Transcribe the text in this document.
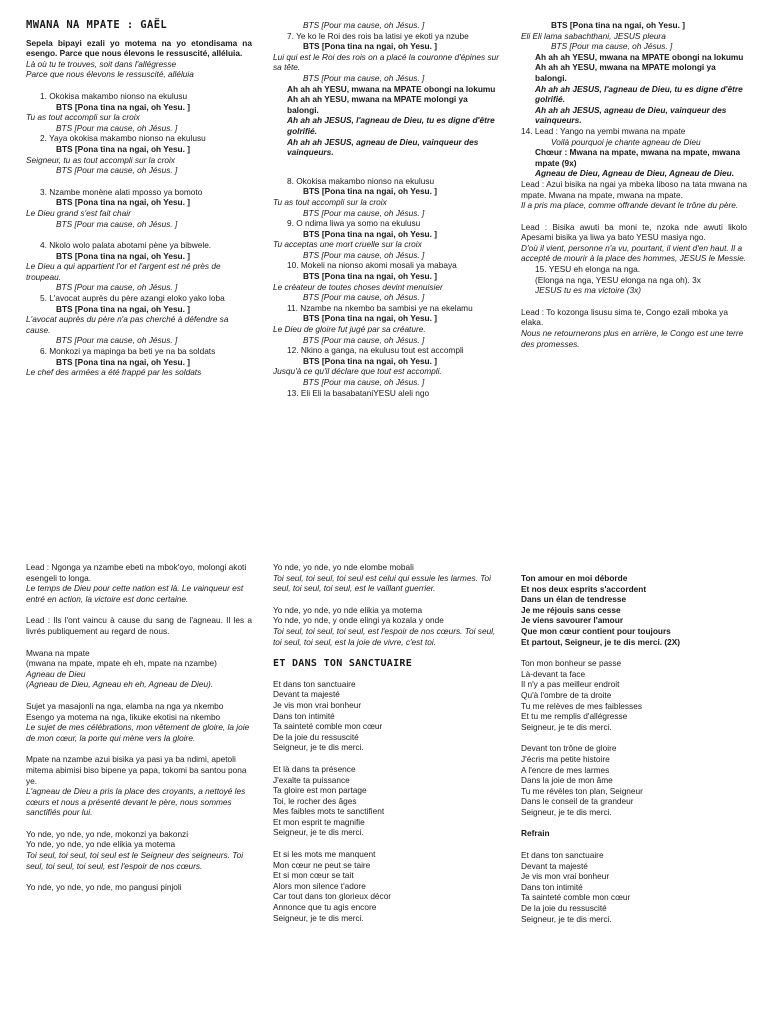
MWANA NA MPATE : GAËL

Sepela bipayi ezali yo motema na yo etondisama na esengo. Parce que nous élevons le ressuscité, alléluia.

Là où tu te trouves, soit dans l'allégresse

Parce que nous élevons le ressuscité, alléluia

1. Okokisa makambo nionso na ekulusu

BTS [Pona tina na ngai, oh Yesu. ]

Tu as tout accompli sur la croix

BTS [Pour ma cause, oh Jésus. ]

2. Yaya okokisa makambo nionso na ekulusu

BTS [Pona tina na ngai, oh Yesu. ]

Seigneur, tu as tout accompli sur la croix

BTS [Pour ma cause, oh Jésus. ]

3. Nzambe monène alati mposso ya bomoto

BTS [Pona tina na ngai, oh Yesu. ]

Le Dieu grand s'est fait chair

BTS [Pour ma cause, oh Jésus. ]

4. Nkolo wolo palata abotami pène ya bibwele.

BTS [Pona tina na ngai, oh Yesu. ]

Le Dieu a qui appartient l'or et l'argent est né près de troupeau.

BTS [Pour ma cause, oh Jésus. ]

5. L'avocat auprès du père azangi eloko yako loba

BTS [Pona tina na ngai, oh Yesu. ]

L'avocat auprès du père n'a pas cherché à défendre sa cause.

BTS [Pour ma cause, oh Jésus. ]

6. Monkozi ya mapinga ba beti ye na ba soldats

BTS [Pona tina na ngai, oh Yesu. ]

Le chef des armées a été frappé par les soldats

BTS [Pour ma cause, oh Jésus. ]

7. Ye ko le Roi des rois ba latisi ye ekoti ya nzube

BTS [Pona tina na ngai, oh Yesu. ]

Lui qui est le Roi des rois on a placé la couronne d'épines sur sa tête.

BTS [Pour ma cause, oh Jésus. ]

Ah ah ah YESU, mwana na MPATE obongi na lokumu

Ah ah ah YESU, mwana na MPATE molongi ya balongi.

Ah ah ah JESUS, l'agneau de Dieu, tu es digne d'être golrifié.

Ah ah ah JESUS, agneau de Dieu, vainqueur des vainqueurs.

8. Okokisa makambo nionso na ekulusu

BTS [Pona tina na ngai, oh Yesu. ]

Tu as tout accompli sur la croix

BTS [Pour ma cause, oh Jésus. ]

9. O ndima liwa ya somo na ekulusu

BTS [Pona tina na ngai, oh Yesu. ]

Tu acceptas une mort cruelle sur la croix

BTS [Pour ma cause, oh Jésus. ]

10. Mokeli na nionso akomi mosali ya mabaya

BTS [Pona tina na ngai, oh Yesu. ]

Le créateur de toutes choses devint menuisier

BTS [Pour ma cause, oh Jésus. ]

11. Nzambe na nkembo ba sambisi ye na ekelamu

BTS [Pona tina na ngai, oh Yesu. ]

Le Dieu de gloire fut jugé par sa créature.

BTS [Pour ma cause, oh Jésus. ]

12. Nkino a ganga, na ekulusu tout est accompli

BTS [Pona tina na ngai, oh Yesu. ]

Jusqu'à ce qu'il déclare que tout est accompli.

BTS [Pour ma cause, oh Jésus. ]

13. Eli Eli la basabataniYESU aleli ngo

BTS [Pona tina na ngai, oh Yesu. ]

Eli Eli lama sabachthani, JESUS pleura

BTS [Pour ma cause, oh Jésus. ]

Ah ah ah YESU, mwana na MPATE obongi na lokumu

Ah ah ah YESU, mwana na MPATE molongi ya balongi.

Ah ah ah JESUS, l'agneau de Dieu, tu es digne d'être golrifié.

Ah ah ah JESUS, agneau de Dieu, vainqueur des vainqueurs.

14. Lead : Yango na yembi mwana na mpate

Voilà pourquoi je chante agneau de Dieu

Chœur : Mwana na mpate, mwana na mpate, mwana mpate (9x)

Agneau de Dieu, Agneau de Dieu, Agneau de Dieu.

Lead : Azui bisika na ngai ya mbeka liboso na tata mwana na mpate. Mwana na mpate, mwana na mpate.

Il a pris ma place, comme offrande devant le trône du père.

Lead : Bisika awuti ba moni te, nzoka nde awuti likolo Apesami bisika ya liwa ya bato YESU masiya ngo.

D'où il vient, personne n'a vu, pourtant, il vient d'en haut. Il a accepté de mourir à la place des hommes, JESUS le Messie.

15. YESU eh elonga na nga.

(Elonga na nga, YESU elonga na nga oh). 3x

JESUS tu es ma victoire (3x)

Lead : To kozonga lisusu sima te, Congo ezali mboka ya elaka.

Nous ne retournerons plus en arrière, le Congo est une terre des promesses.

Lead : Ngonga ya nzambe ebeti na mbok'oyo, molongi akoti esengeli to longa.

Le temps de Dieu pour cette nation est là. Le vainqueur est entré en action, la victoire est donc certaine.

Lead : Ils l'ont vaincu à cause du sang de l'agneau. Il les a livrés publiquement au regard de nous.

Mwana na mpate

(mwana na mpate, mpate eh eh, mpate na nzambe)

Agneau de Dieu

(Agneau de Dieu, Agneau eh eh, Agneau de Dieu).

Sujet ya masajonli na nga, elamba na nga ya nkembo Esengo ya motema na nga, likuke ekotisi na nkembo

Le sujet de mes célébrations, mon vêtement de gloire, la joie de mon cœur, la porte qui mène vers la gloire.

Mpate na nzambe azui bisika ya pasi ya ba ndimi, apetoli mitema abimisi biso bipene ya papa, tokomi ba santou pona ye.

L'agneau de Dieu a pris la place des croyants, a nettoyé les cœurs et nous a présenté devant le père, nous sommes sanctifiés pour lui.

Yo nde, yo nde, yo nde, mokonzi ya bakonzi

Yo nde, yo nde, yo nde elikia ya motema

Toi seul, toi seul, toi seul est le Seigneur des seigneurs. Toi seul, toi seul, toi seul, est l'espoir de nos cœurs.

Yo nde, yo nde, yo nde, mo pangusi pinjoli

Yo nde, yo nde, yo nde elombe mobali

Toi seul, toi seul, toi seul est celui qui essuie les larmes. Toi seul, toi seul, toi seul, est le vaillant guerrier.

Yo nde, yo nde, yo nde elikia ya motema

Yo nde, yo nde, y onde elingi ya kozala y onde

Toi seul, toi seul, toi seul, est l'espoir de nos cœurs. Toi seul, toi seul, toi seul, est la joie de vivre, c'est toi.

ET DANS TON SANCTUAIRE

Et dans ton sanctuaire

Devant ta majesté

Je vis mon vrai bonheur

Dans ton intimité

Ta sainteté comble mon cœur

De la joie du ressuscité

Seigneur, je te dis merci.

Et là dans ta présence

J'exalte ta puissance

Ta gloire est mon partage

Toi, le rocher des âges

Mes faibles mots te sanctifient

Et mon esprit te magnifie

Seigneur, je te dis merci.

Et si les mots me manquent

Mon cœur ne peut se taire

Et si mon cœur se tait

Alors mon silence t'adore

Car tout dans ton glorieux décor

Annonce que tu agis encore

Seigneur, je te dis merci.

Ton amour en moi déborde

Et nos deux esprits s'accordent

Dans un élan de tendresse

Je me réjouis sans cesse

Je viens savourer l'amour

Que mon cœur contient pour toujours

Et partout, Seigneur, je te dis merci. (2X)

Ton mon bonheur se passe

Là-devant ta face

Il n'y a pas meilleur endroit

Qu'à l'ombre de ta droite

Tu me relèves de mes faiblesses

Et tu me remplis d'allégresse

Seigneur, je te dis merci.

Devant ton trône de gloire

J'écris ma petite histoire

A l'encre de mes larmes

Dans la joie de mon âme

Tu me révèles ton plan, Seigneur

Dans le conseil de ta grandeur

Seigneur, je te dis merci.

Refrain

Et dans ton sanctuaire

Devant ta majesté

Je vis mon vrai bonheur

Dans ton intimité

Ta sainteté comble mon cœur

De la joie du ressuscité

Seigneur, je te dis merci.
